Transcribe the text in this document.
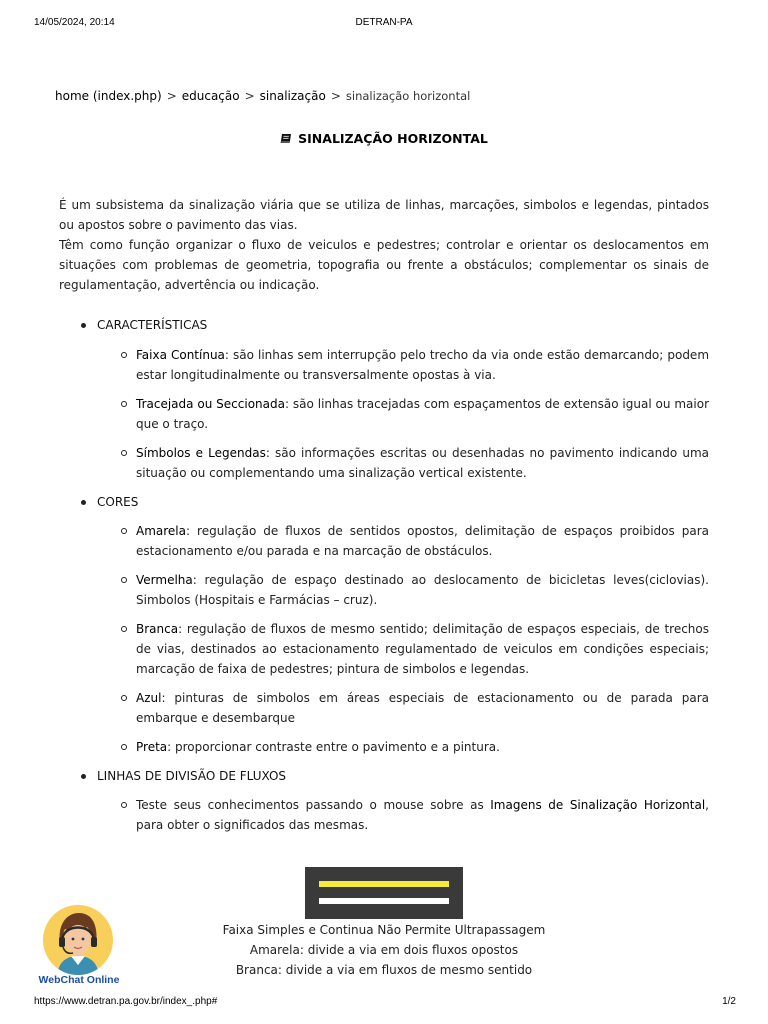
14/05/2024, 20:14	DETRAN-PA
home (index.php) > educação > sinalização > sinalização horizontal
SINALIZAÇÃO HORIZONTAL

É um subsistema da sinalização viária que se utiliza de linhas, marcações, simbolos e legendas, pintados ou apostos sobre o pavimento das vias.

Têm como função organizar o fluxo de veiculos e pedestres; controlar e orientar os deslocamentos em situações com problemas de geometria, topografia ou frente a obstáculos; complementar os sinais de regulamentação, advertência ou indicação.

CARACTERÍSTICAS
Faixa Contínua: são linhas sem interrupção pelo trecho da via onde estão demarcando; podem estar longitudinalmente ou transversalmente opostas à via.
Tracejada ou Seccionada: são linhas tracejadas com espaçamentos de extensão igual ou maior que o traço.
Símbolos e Legendas: são informações escritas ou desenhadas no pavimento indicando uma situação ou complementando uma sinalização vertical existente.
CORES
Amarela: regulação de fluxos de sentidos opostos, delimitação de espaços proibidos para estacionamento e/ou parada e na marcação de obstáculos.
Vermelha: regulação de espaço destinado ao deslocamento de bicicletas leves(ciclovias). Simbolos (Hospitais e Farmácias – cruz).
Branca: regulação de fluxos de mesmo sentido; delimitação de espaços especiais, de trechos de vias, destinados ao estacionamento regulamentado de veiculos em condições especiais; marcação de faixa de pedestres; pintura de simbolos e legendas.
Azul: pinturas de simbolos em áreas especiais de estacionamento ou de parada para embarque e desembarque
Preta: proporcionar contraste entre o pavimento e a pintura.
LINHAS DE DIVISÃO DE FLUXOS
Teste seus conhecimentos passando o mouse sobre as Imagens de Sinalização Horizontal, para obter o significados das mesmas.
Faixa Simples e Continua Não Permite Ultrapassagem
Amarela: divide a via em dois fluxos opostos
Branca: divide a via em fluxos de mesmo sentido
WebChat Online
https://www.detran.pa.gov.br/index_.php#	1/2
